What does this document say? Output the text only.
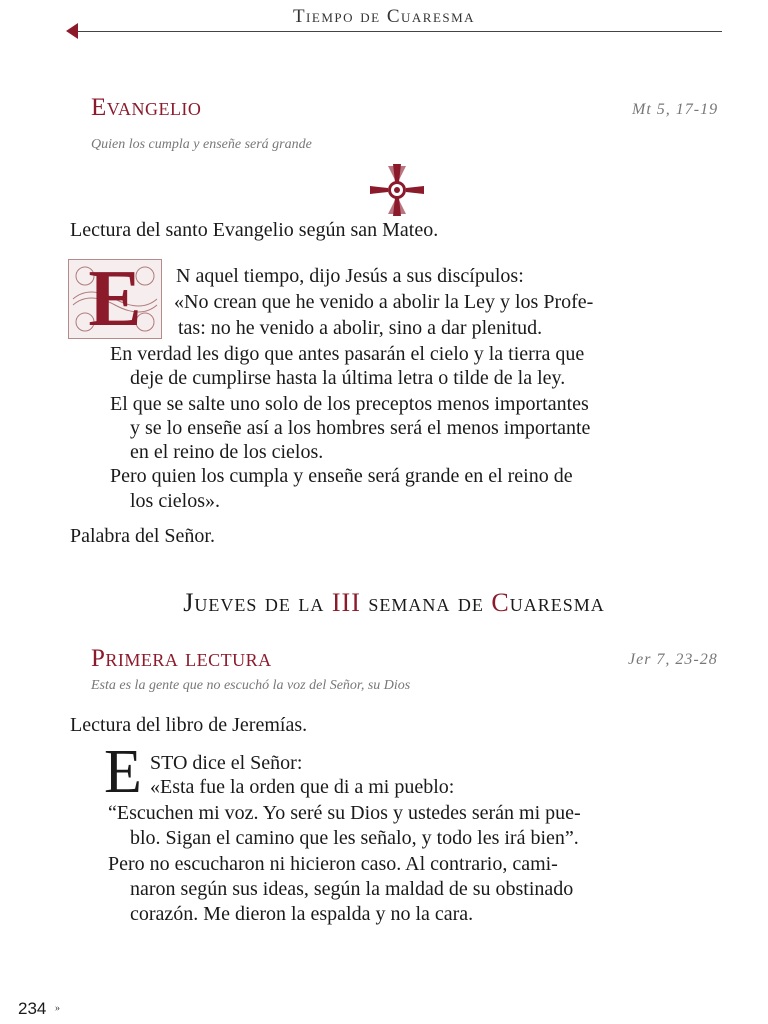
Tiempo de Cuaresma
Evangelio	Mt 5, 17-19
Quien los cumpla y enseñe será grande
Lectura del santo Evangelio según san Mateo.
E	N aquel tiempo, dijo Jesús a sus discípulos:
«No crean que he venido a abolir la Ley y los Profe-
tas: no he venido a abolir, sino a dar plenitud.
En verdad les digo que antes pasarán el cielo y la tierra que
deje de cumplirse hasta la última letra o tilde de la ley.
El que se salte uno solo de los preceptos menos importantes
y se lo enseñe así a los hombres será el menos importante
en el reino de los cielos.
Pero quien los cumpla y enseñe será grande en el reino de
los cielos».
Palabra del Señor.
Jueves de la III semana de Cuaresma
Primera lectura	Jer 7, 23-28
Esta es la gente que no escuchó la voz del Señor, su Dios
Lectura del libro de Jeremías.
E STO dice el Señor:
«Esta fue la orden que di a mi pueblo:
“Escuchen mi voz. Yo seré su Dios y ustedes serán mi pue-
blo. Sigan el camino que les señalo, y todo les irá bien”.
Pero no escucharon ni hicieron caso. Al contrario, cami-
naron según sus ideas, según la maldad de su obstinado
corazón. Me dieron la espalda y no la cara.
234 »
